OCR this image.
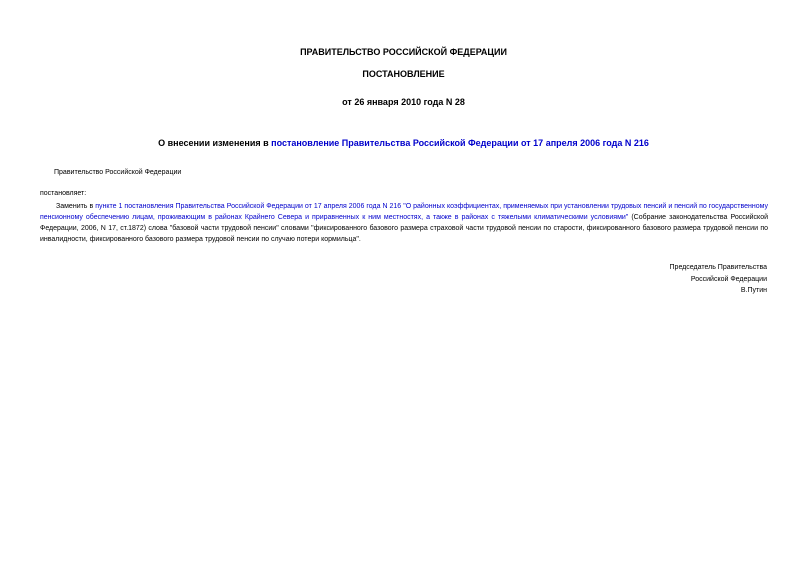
ПРАВИТЕЛЬСТВО РОССИЙСКОЙ ФЕДЕРАЦИИ
ПОСТАНОВЛЕНИЕ
от 26 января 2010 года N 28
О внесении изменения в постановление Правительства Российской Федерации от 17 апреля 2006 года N 216
Правительство Российской Федерации
постановляет:
Заменить в пункте 1 постановления Правительства Российской Федерации от 17 апреля 2006 года N 216 "О районных коэффициентах, применяемых при установлении трудовых пенсий и пенсий по государственному пенсионному обеспечению лицам, проживающим в районах Крайнего Севера и приравненных к ним местностях, а также в районах с тяжелыми климатическими условиями" (Собрание законодательства Российской Федерации, 2006, N 17, ст.1872) слова "базовой части трудовой пенсии" словами "фиксированного базового размера страховой части трудовой пенсии по старости, фиксированного базового размера трудовой пенсии по инвалидности, фиксированного базового размера трудовой пенсии по случаю потери кормильца".
Председатель Правительства
Российской Федерации
В.Путин
